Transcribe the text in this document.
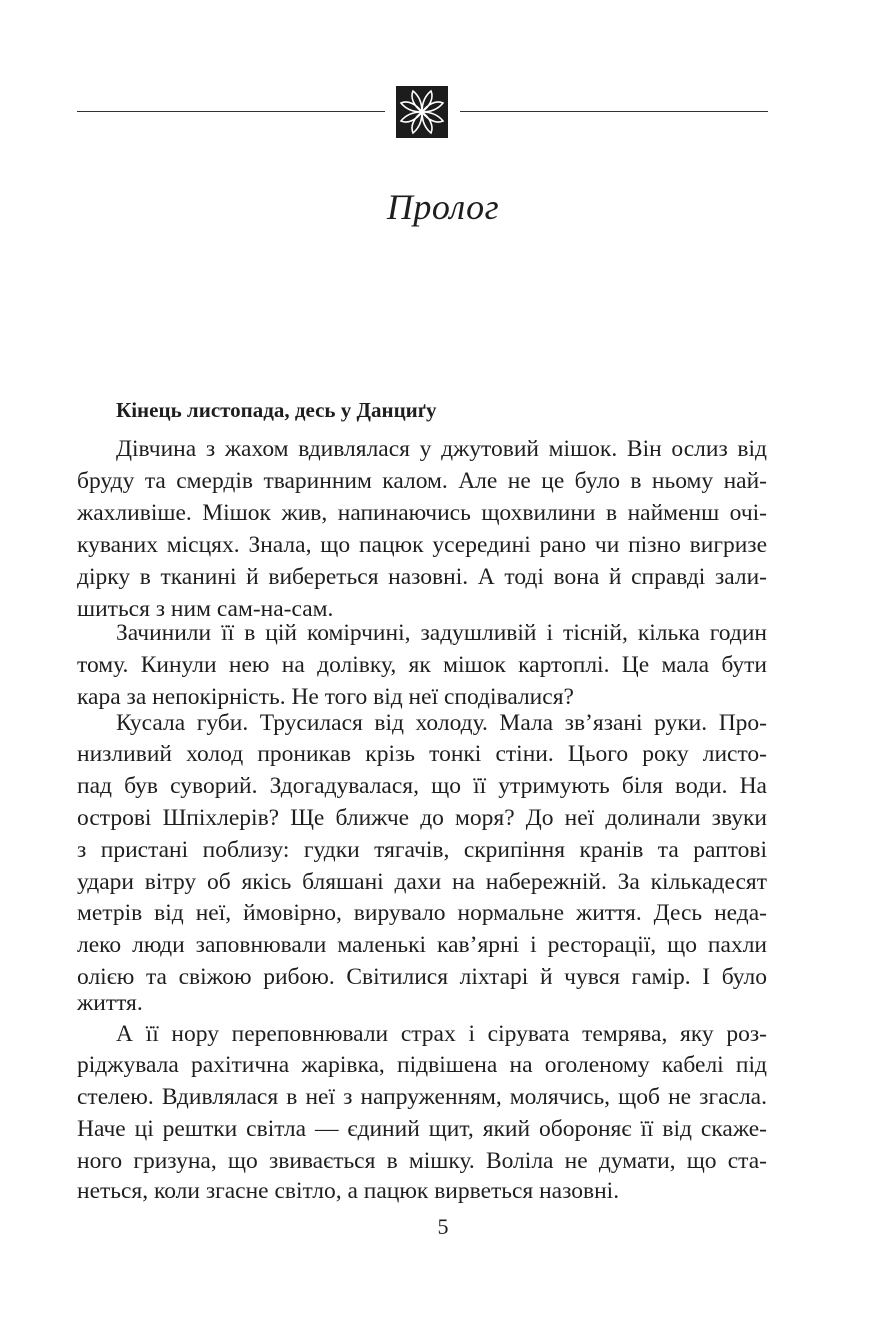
Пролог
Кінець листопада, десь у Данциґу
Дівчина з жахом вдивлялася у джутовий мішок. Він ослиз від
бруду та смердів тваринним калом. Але не це було в ньому най-
жахливіше. Мішок жив, напинаючись щохвилини в найменш очі-
куваних місцях. Знала, що пацюк усередині рано чи пізно вигризе
дірку в тканині й вибереться назовні. А тоді вона й справді зали-
шиться з ним сам-на-сам.
Зачинили її в цій комірчині, задушливій і тісній, кілька годин
тому. Кинули нею на долівку, як мішок картоплі. Це мала бути
кара за непокірність. Не того від неї сподівалися?
Кусала губи. Трусилася від холоду. Мала зв’язані руки. Про-
низливий холод проникав крізь тонкі стіни. Цього року листо-
пад був суворий. Здогадувалася, що її утримують біля води. На
острові Шпіхлерів? Ще ближче до моря? До неї долинали звуки
з пристані поблизу: гудки тягачів, скрипіння кранів та раптові
удари вітру об якісь бляшані дахи на набережній. За кількадесят
метрів від неї, ймовірно, вирувало нормальне життя. Десь неда-
леко люди заповнювали маленькі кав’ярні і ресторації, що пахли
олією та свіжою рибою. Світилися ліхтарі й чувся гамір. І було
життя.
А її нору переповнювали страх і сірувата темрява, яку роз-
ріджувала рахітична жарівка, підвішена на оголеному кабелі під
стелею. Вдивлялася в неї з напруженням, молячись, щоб не згасла.
Наче ці рештки світла — єдиний щит, який обороняє її від скаже-
ного гризуна, що звивається в мішку. Воліла не думати, що ста-
неться, коли згасне світло, а пацюк вирветься назовні.
5
